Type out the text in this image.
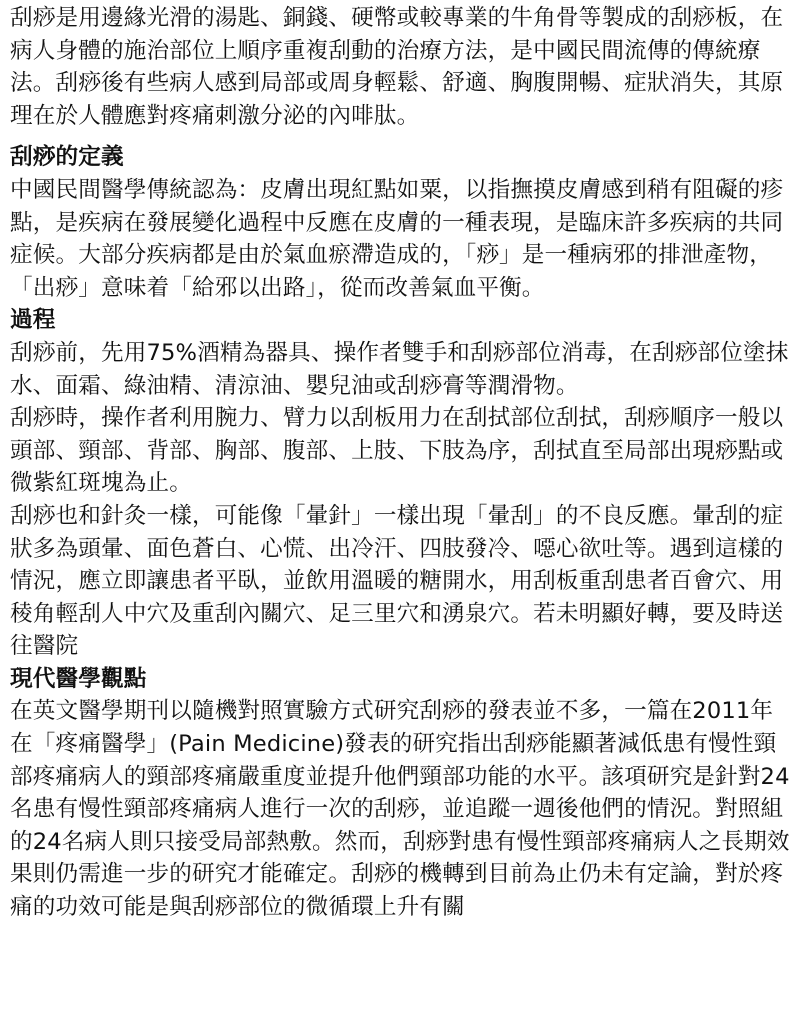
刮痧是用邊緣光滑的湯匙、銅錢、硬幣或較專業的牛角骨等製成的刮痧板，在病人身體的施治部位上順序重複刮動的治療方法，是中國民間流傳的傳統療法。刮痧後有些病人感到局部或周身輕鬆、舒適、胸腹開暢、症狀消失，其原理在於人體應對疼痛刺激分泌的內啡肽。

刮痧的定義

中國民間醫學傳統認為：皮膚出現紅點如粟，以指撫摸皮膚感到稍有阻礙的疹點，是疾病在發展變化過程中反應在皮膚的一種表現，是臨床許多疾病的共同症候。大部分疾病都是由於氣血瘀滯造成的，「痧」是一種病邪的排泄產物，「出痧」意味着「給邪以出路」，從而改善氣血平衡。

過程

刮痧前，先用75%酒精為器具、操作者雙手和刮痧部位消毒，在刮痧部位塗抹水、面霜、綠油精、清涼油、嬰兒油或刮痧膏等潤滑物。

刮痧時，操作者利用腕力、臂力以刮板用力在刮拭部位刮拭，刮痧順序一般以頭部、頸部、背部、胸部、腹部、上肢、下肢為序，刮拭直至局部出現痧點或微紫紅斑塊為止。

刮痧也和針灸一樣，可能像「暈針」一樣出現「暈刮」的不良反應。暈刮的症狀多為頭暈、面色蒼白、心慌、出冷汗、四肢發冷、噁心欲吐等。遇到這樣的情況，應立即讓患者平臥，並飲用溫暖的糖開水，用刮板重刮患者百會穴、用稜角輕刮人中穴及重刮內關穴、足三里穴和湧泉穴。若未明顯好轉，要及時送往醫院

現代醫學觀點

在英文醫學期刊以隨機對照實驗方式研究刮痧的發表並不多，一篇在2011年在「疼痛醫學」(Pain Medicine)發表的研究指出刮痧能顯著減低患有慢性頸部疼痛病人的頸部疼痛嚴重度並提升他們頸部功能的水平。該項研究是針對24名患有慢性頸部疼痛病人進行一次的刮痧，並追蹤一週後他們的情況。對照組的24名病人則只接受局部熱敷。然而，刮痧對患有慢性頸部疼痛病人之長期效果則仍需進一步的研究才能確定。刮痧的機轉到目前為止仍未有定論，對於疼痛的功效可能是與刮痧部位的微循環上升有關
